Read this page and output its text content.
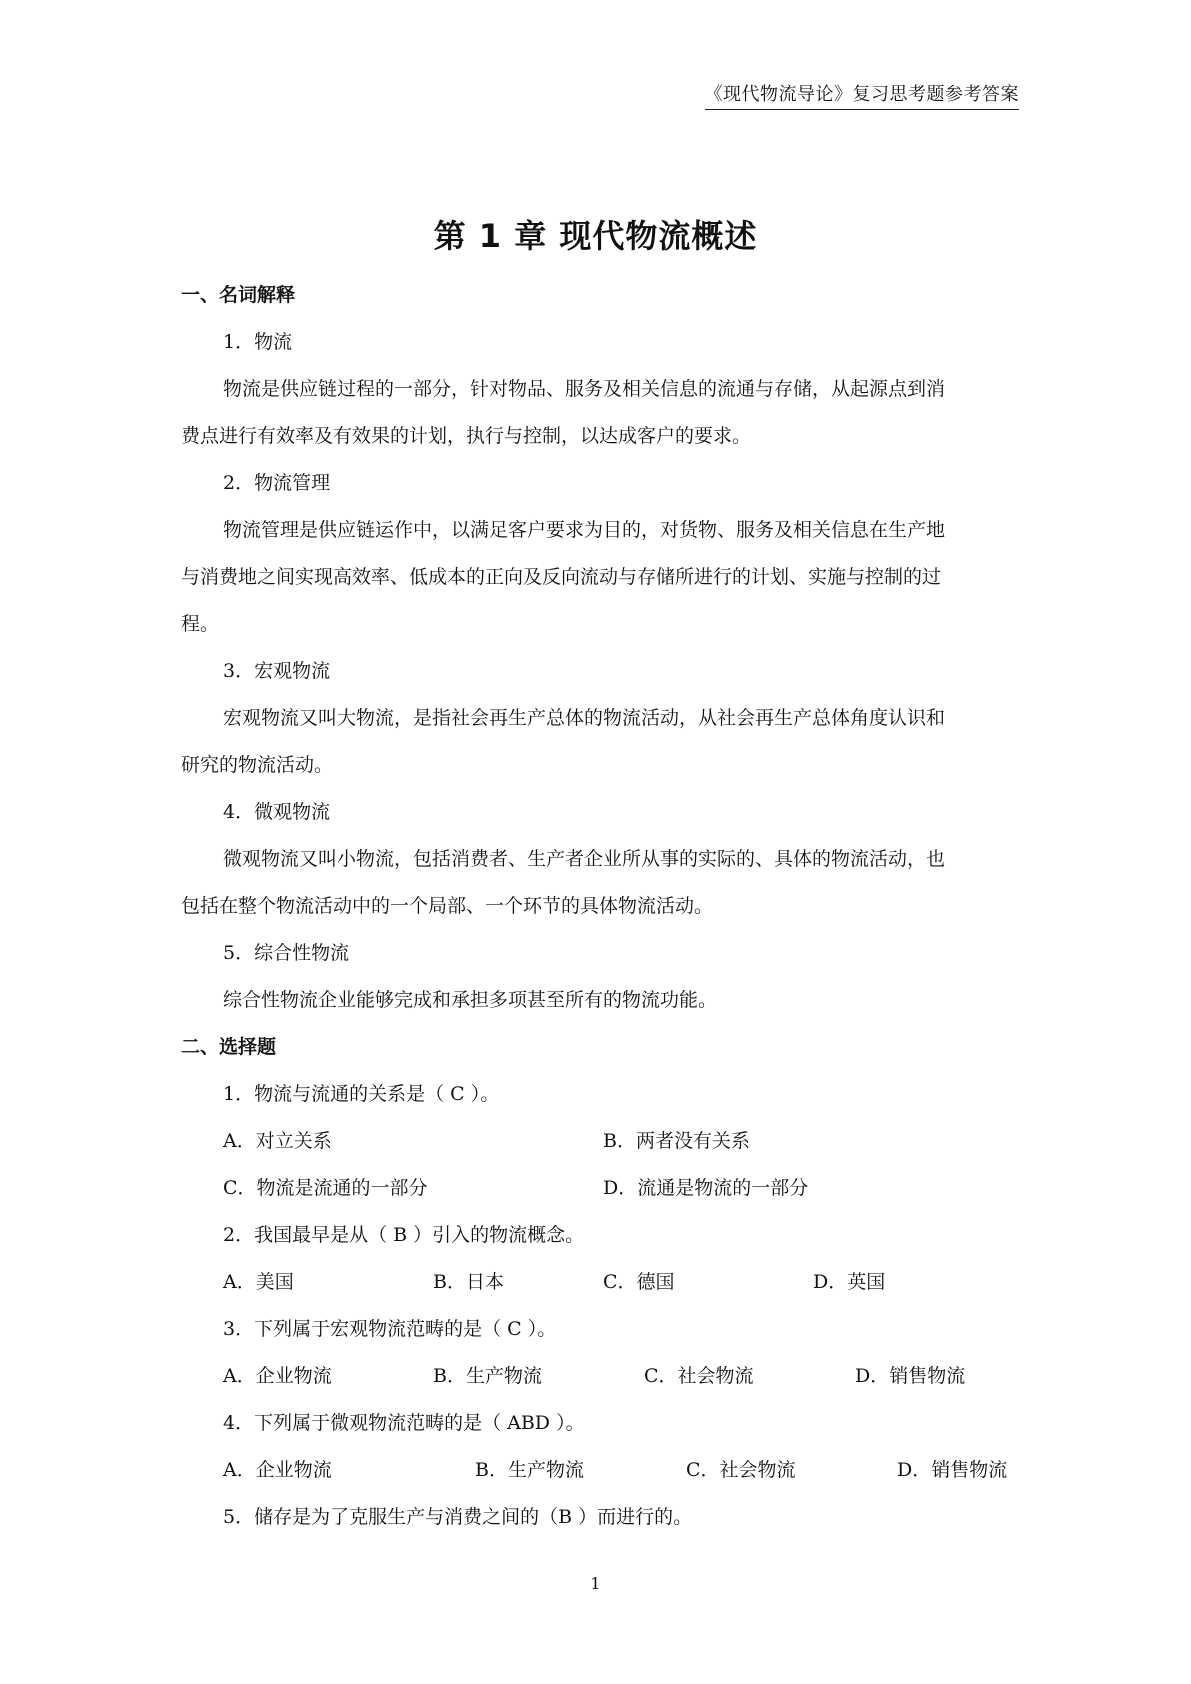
《现代物流导论》复习思考题参考答案
第 1 章 现代物流概述
一、名词解释
1．物流
物流是供应链过程的一部分，针对物品、服务及相关信息的流通与存储，从起源点到消
费点进行有效率及有效果的计划，执行与控制，以达成客户的要求。
2．物流管理
物流管理是供应链运作中，以满足客户要求为目的，对货物、服务及相关信息在生产地
与消费地之间实现高效率、低成本的正向及反向流动与存储所进行的计划、实施与控制的过
程。
3．宏观物流
宏观物流又叫大物流，是指社会再生产总体的物流活动，从社会再生产总体角度认识和
研究的物流活动。
4．微观物流
微观物流又叫小物流，包括消费者、生产者企业所从事的实际的、具体的物流活动，也
包括在整个物流活动中的一个局部、一个环节的具体物流活动。
5．综合性物流
综合性物流企业能够完成和承担多项甚至所有的物流功能。
二、选择题
1．物流与流通的关系是（ C ）。
A．对立关系	B．两者没有关系
C．物流是流通的一部分	D．流通是物流的一部分
2．我国最早是从（ B ）引入的物流概念。
A．美国	B．日本	C．德国	D．英国
3．下列属于宏观物流范畴的是（ C ）。
A．企业物流	B．生产物流	C．社会物流	D．销售物流
4．下列属于微观物流范畴的是（ ABD ）。
A．企业物流	B．生产物流	C．社会物流	D．销售物流
5．储存是为了克服生产与消费之间的（B ）而进行的。
1
